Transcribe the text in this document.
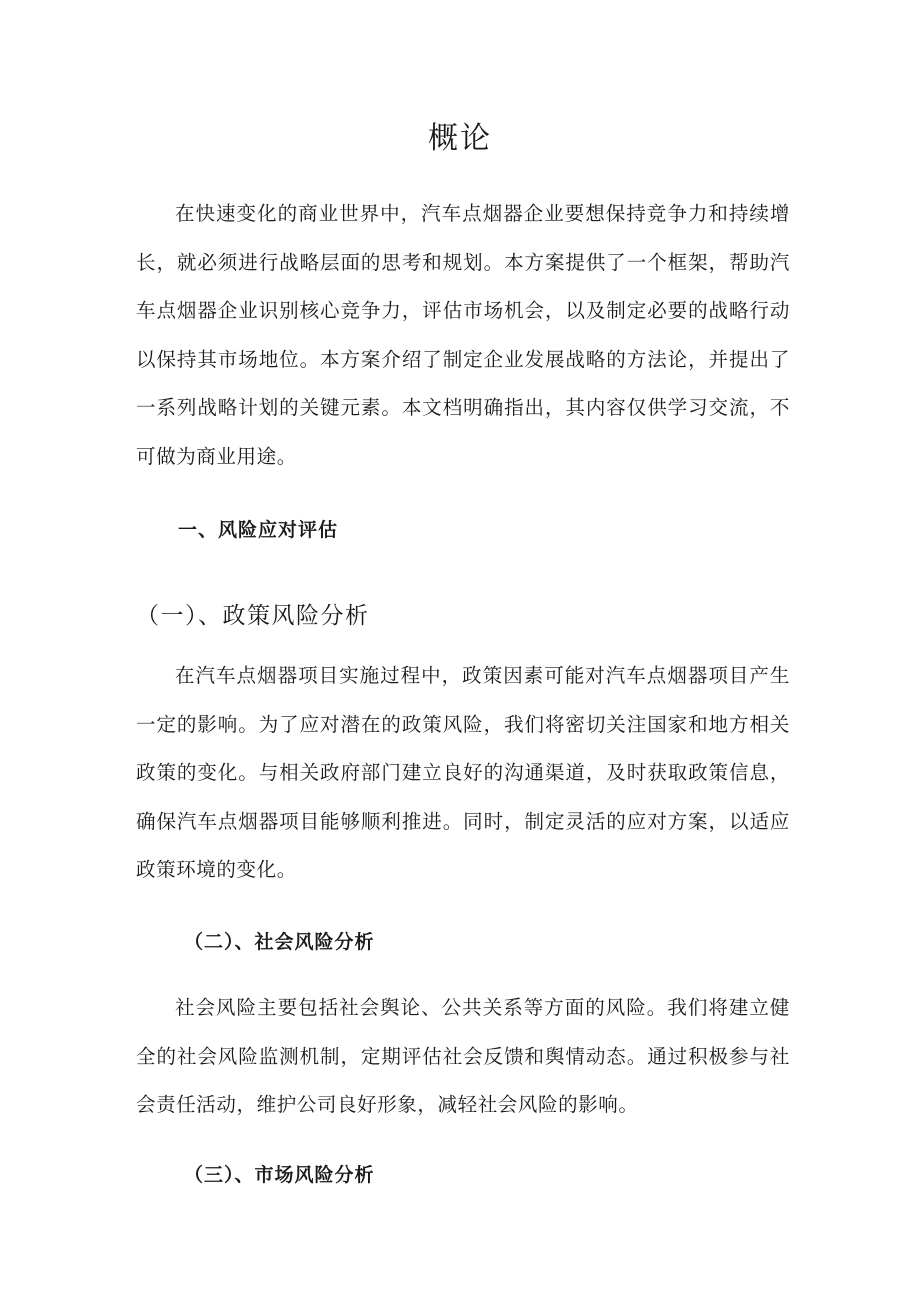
概论

在快速变化的商业世界中，汽车点烟器企业要想保持竞争力和持续增长，就必须进行战略层面的思考和规划。本方案提供了一个框架，帮助汽车点烟器企业识别核心竞争力，评估市场机会，以及制定必要的战略行动以保持其市场地位。本方案介绍了制定企业发展战略的方法论，并提出了一系列战略计划的关键元素。本文档明确指出，其内容仅供学习交流，不可做为商业用途。

一、风险应对评估
（一）、政策风险分析

在汽车点烟器项目实施过程中，政策因素可能对汽车点烟器项目产生一定的影响。为了应对潜在的政策风险，我们将密切关注国家和地方相关政策的变化。与相关政府部门建立良好的沟通渠道，及时获取政策信息，确保汽车点烟器项目能够顺利推进。同时，制定灵活的应对方案，以适应政策环境的变化。

（二）、社会风险分析

社会风险主要包括社会舆论、公共关系等方面的风险。我们将建立健全的社会风险监测机制，定期评估社会反馈和舆情动态。通过积极参与社会责任活动，维护公司良好形象，减轻社会风险的影响。

（三）、市场风险分析
